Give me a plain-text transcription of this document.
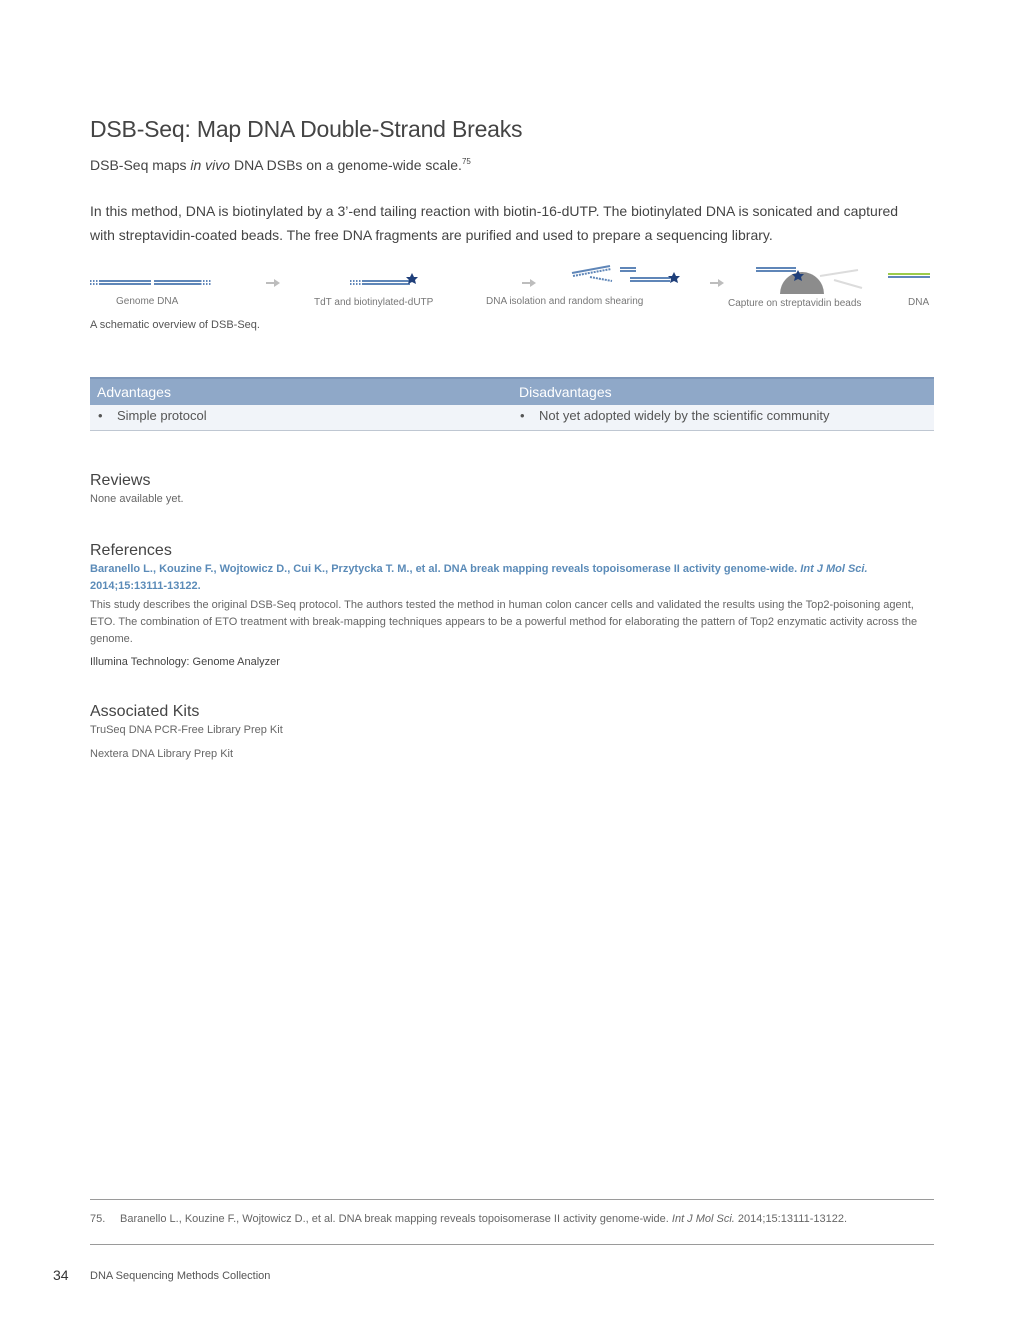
DSB-Seq: Map DNA Double-Strand Breaks
DSB-Seq maps in vivo DNA DSBs on a genome-wide scale.$^{75}$
In this method, DNA is biotinylated by a 3’-end tailing reaction with biotin-16-dUTP. The biotinylated DNA is sonicated and captured with streptavidin-coated beads. The free DNA fragments are purified and used to prepare a sequencing library.
Genome DNA	TdT and biotinylated-dUTP	DNA isolation and random shearing	Capture on streptavidin beads	DNA
A schematic overview of DSB-Seq.
Advantages	Disadvantages
• Simple protocol	• Not yet adopted widely by the scientific community
Reviews
None available yet.
References
Baranello L., Kouzine F., Wojtowicz D., Cui K., Przytycka T. M., et al. DNA break mapping reveals topoisomerase II activity genome-wide. Int J Mol Sci.
2014;15:13111-13122.
This study describes the original DSB-Seq protocol. The authors tested the method in human colon cancer cells and validated the results using the Top2-poisoning agent, ETO. The combination of ETO treatment with break-mapping techniques appears to be a powerful method for elaborating the pattern of Top2 enzymatic activity across the genome.
Illumina Technology: Genome Analyzer
Associated Kits
TruSeq DNA PCR-Free Library Prep Kit
Nextera DNA Library Prep Kit
75. Baranello L., Kouzine F., Wojtowicz D., et al. DNA break mapping reveals topoisomerase II activity genome-wide. Int J Mol Sci. 2014;15:13111-13122.
34 DNA Sequencing Methods Collection
